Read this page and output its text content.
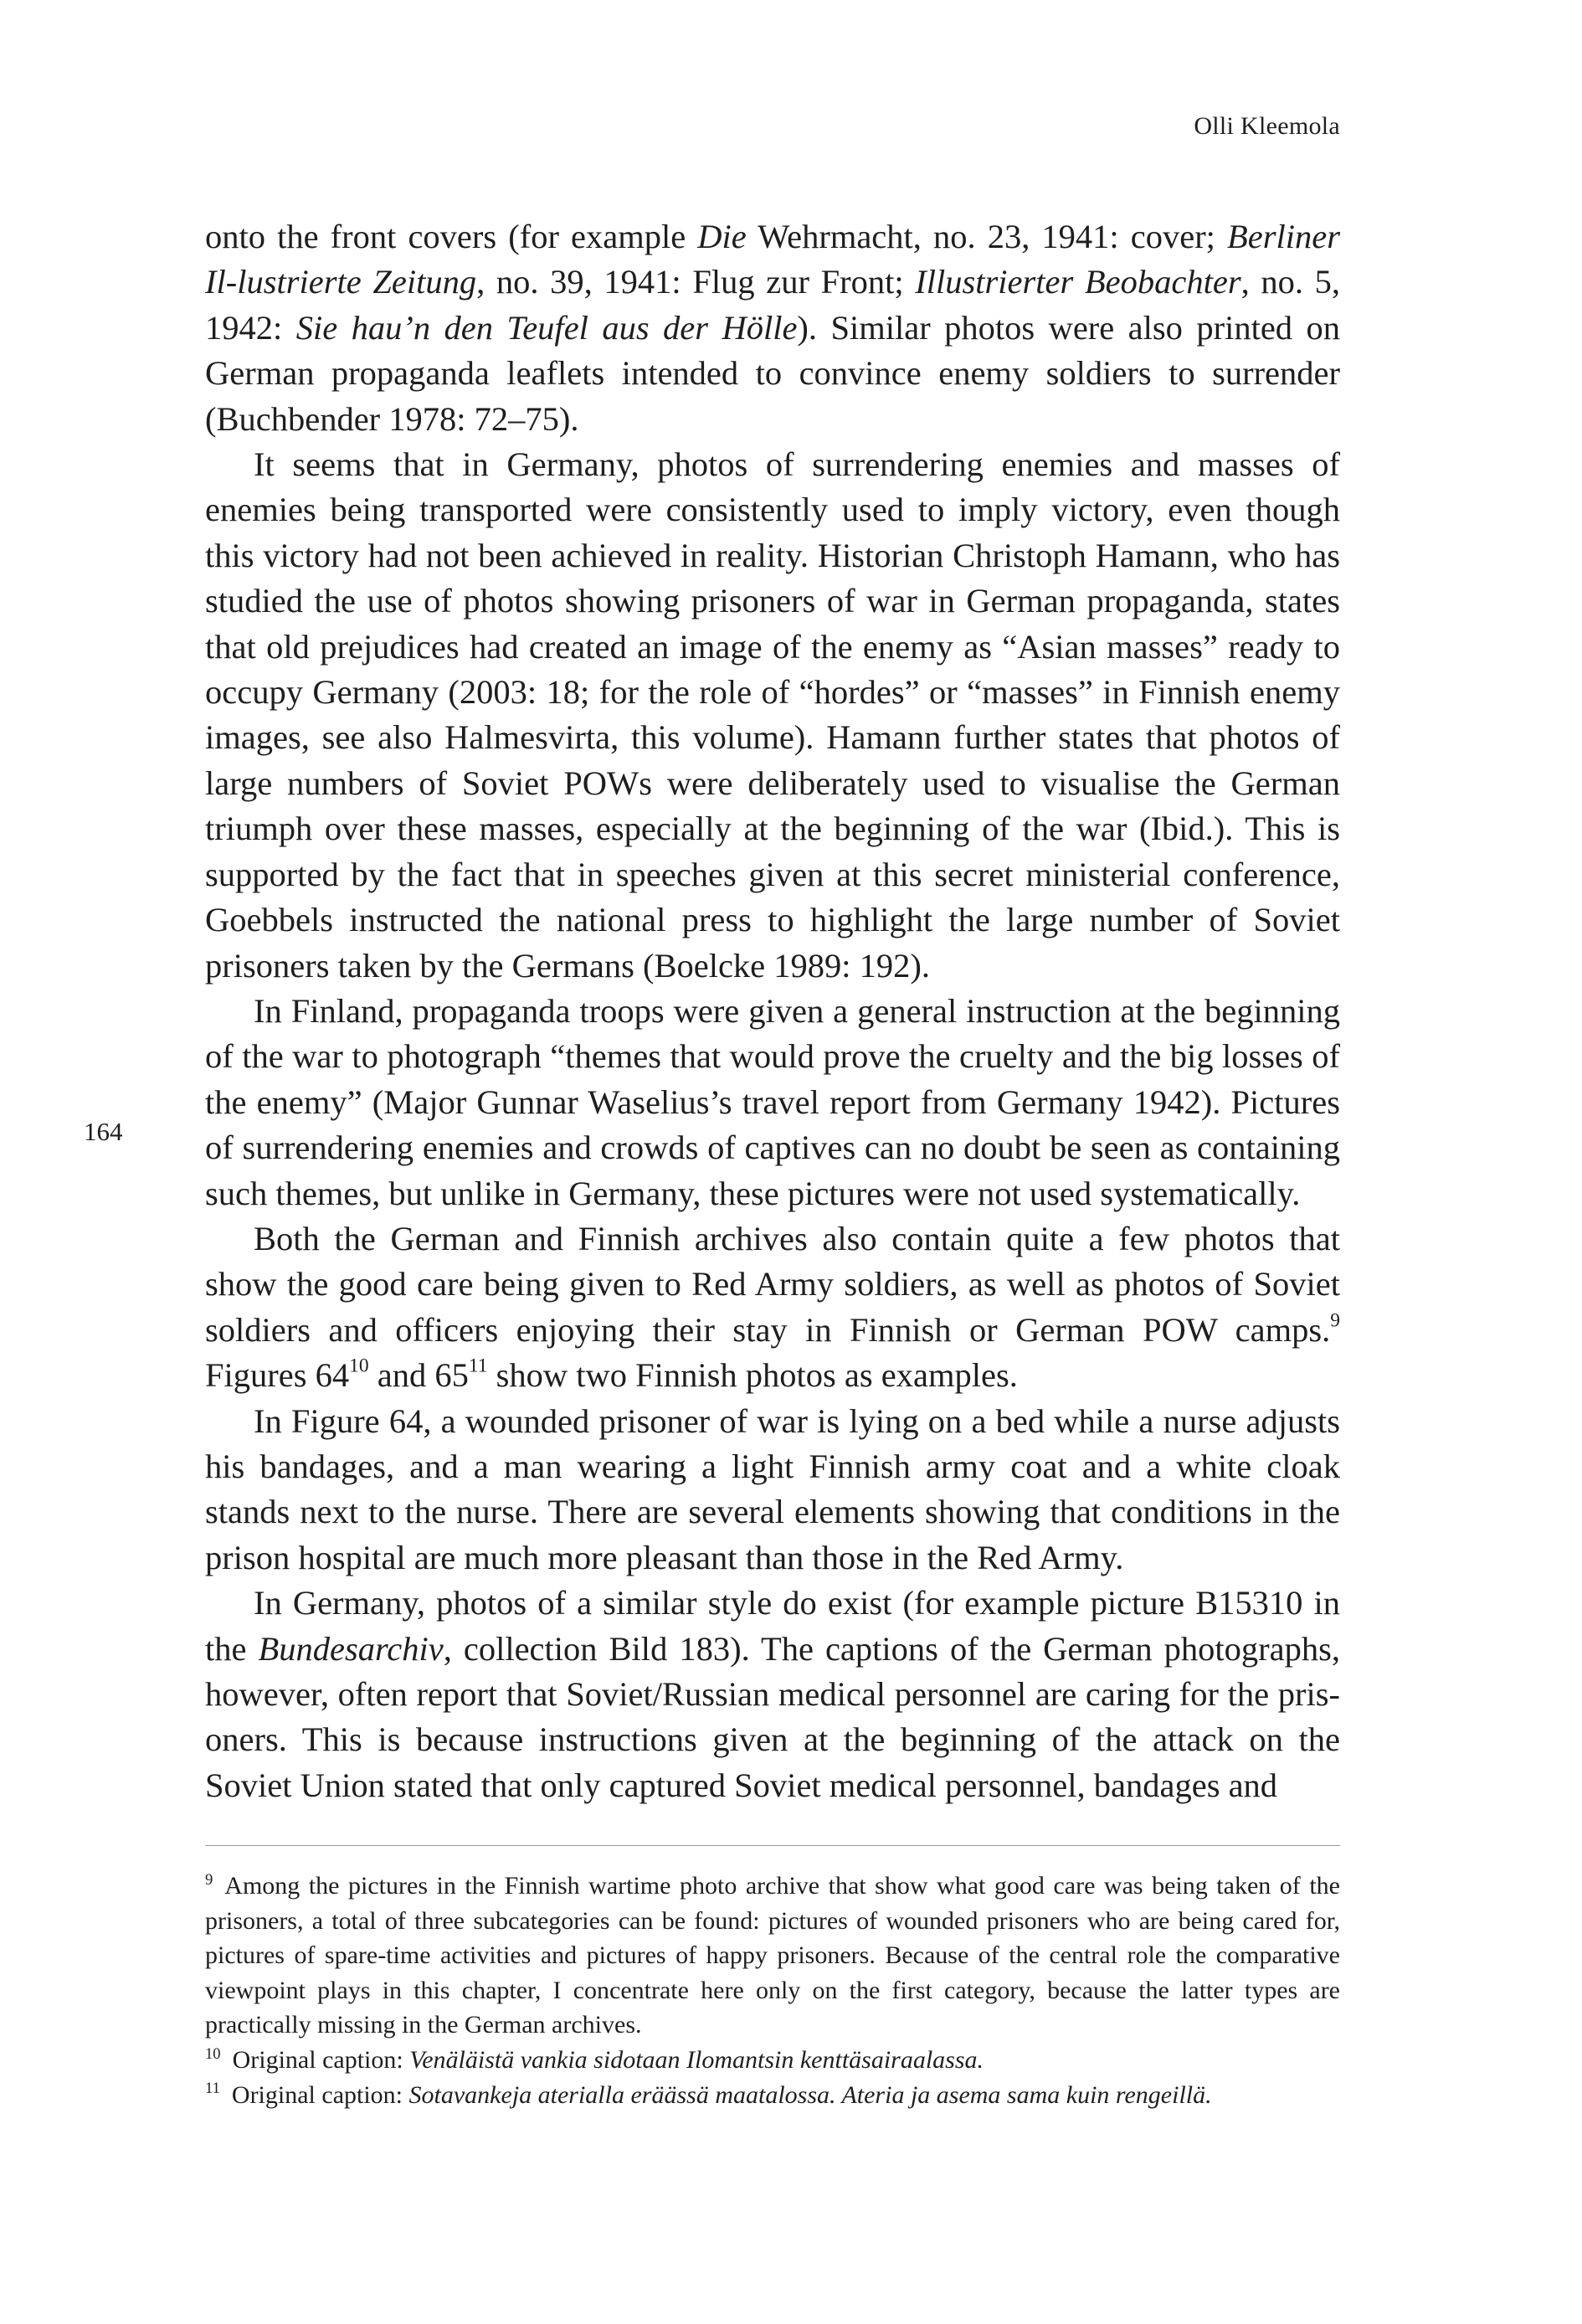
Olli Kleemola
164

onto the front covers (for example Die Wehrmacht, no. 23, 1941: cover; Berliner Il-lustrierte Zeitung, no. 39, 1941: Flug zur Front; Illustrierter Beobachter, no. 5, 1942: Sie hau’n den Teufel aus der Hölle). Similar photos were also printed on German propaganda leaflets intended to convince enemy soldiers to surrender (Buchbender 1978: 72–75).

It seems that in Germany, photos of surrendering enemies and masses of enemies being transported were consistently used to imply victory, even though this victory had not been achieved in reality. Historian Christoph Hamann, who has studied the use of photos showing prisoners of war in German propaganda, states that old prejudices had created an image of the enemy as “Asian masses” ready to occupy Germany (2003: 18; for the role of “hordes” or “masses” in Finnish enemy images, see also Halmesvirta, this volume). Hamann further states that photos of large numbers of Soviet POWs were deliberately used to visualise the German triumph over these masses, especially at the beginning of the war (Ibid.). This is supported by the fact that in speeches given at this secret ministerial conference, Goebbels instructed the national press to highlight the large number of Soviet prisoners taken by the Germans (Boelcke 1989: 192).

In Finland, propaganda troops were given a general instruction at the beginning of the war to photograph “themes that would prove the cruelty and the big losses of the enemy” (Major Gunnar Waselius’s travel report from Germany 1942). Pictures of surrendering enemies and crowds of captives can no doubt be seen as containing such themes, but unlike in Germany, these pictures were not used systematically.

Both the German and Finnish archives also contain quite a few photos that show the good care being given to Red Army soldiers, as well as photos of Soviet soldiers and officers enjoying their stay in Finnish or German POW camps.$^9$ Figures $64^{10}$ and $65^{11}$ show two Finnish photos as examples.

In Figure 64, a wounded prisoner of war is lying on a bed while a nurse adjusts his bandages, and a man wearing a light Finnish army coat and a white cloak stands next to the nurse. There are several elements showing that conditions in the prison hospital are much more pleasant than those in the Red Army.

In Germany, photos of a similar style do exist (for example picture B15310 in the Bundesarchiv, collection Bild 183). The captions of the German photographs, however, often report that Soviet/Russian medical personnel are caring for the pris-oners. This is because instructions given at the beginning of the attack on the Soviet Union stated that only captured Soviet medical personnel, bandages and

$^9$ Among the pictures in the Finnish wartime photo archive that show what good care was being taken of the prisoners, a total of three subcategories can be found: pictures of wounded prisoners who are being cared for, pictures of spare-time activities and pictures of happy prisoners. Because of the central role the comparative viewpoint plays in this chapter, I concentrate here only on the first category, because the latter types are practically missing in the German archives.

$^{10}$ Original caption: Venäläistä vankia sidotaan Ilomantsin kenttäsairaalassa.

$^{11}$ Original caption: Sotavankeja aterialla eräässä maatalossa. Ateria ja asema sama kuin rengeillä.
